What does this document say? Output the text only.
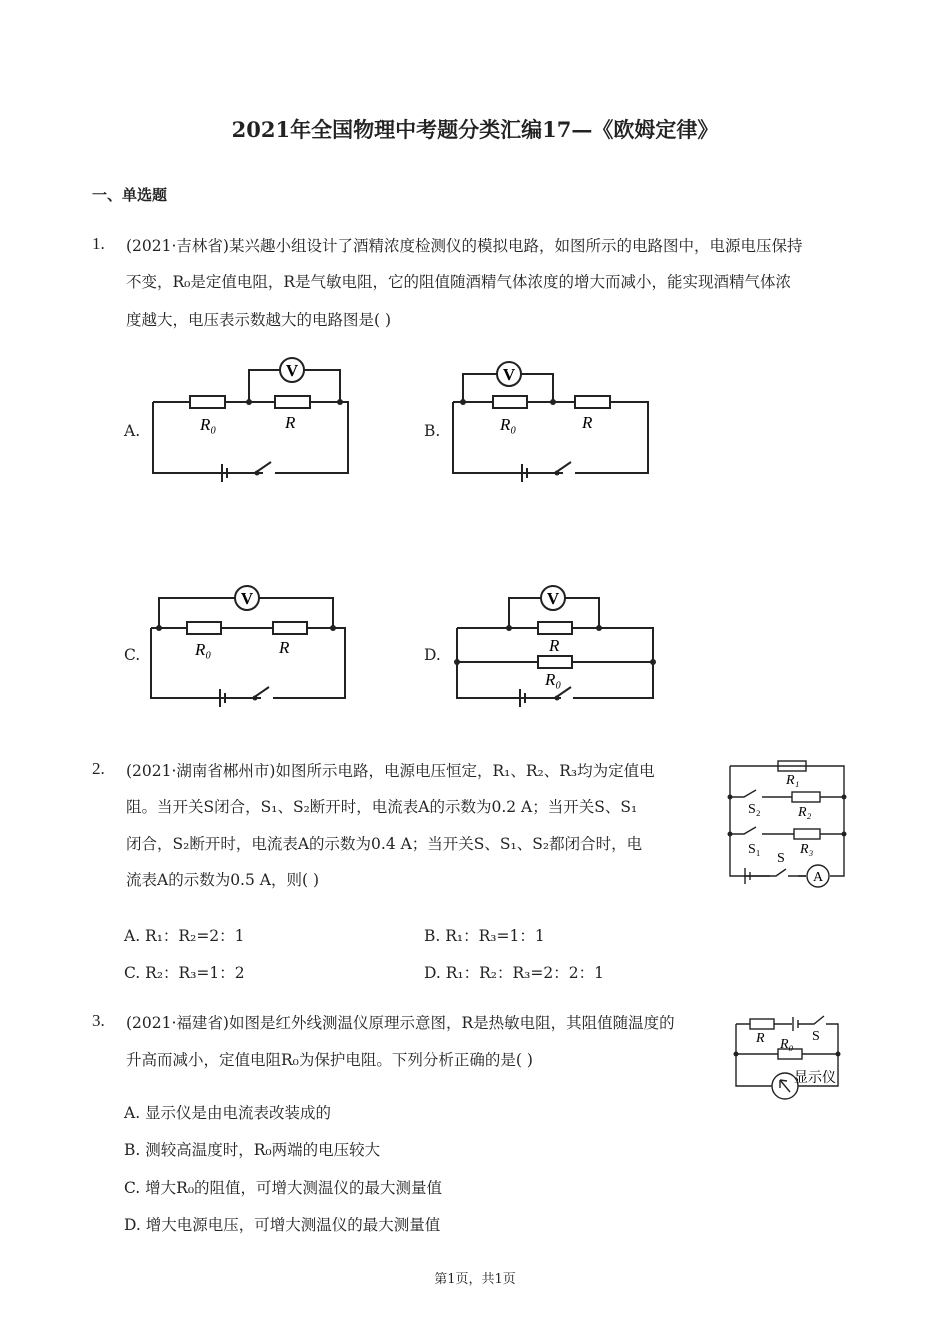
2021年全国物理中考题分类汇编17—《欧姆定律》
一、单选题
1. (2021·吉林省)某兴趣小组设计了酒精浓度检测仪的模拟电路，如图所示的电路图中，电源电压保持
不变，R₀是定值电阻，R是气敏电阻，它的阻值随酒精气体浓度的增大而减小，能实现酒精气体浓
度越大，电压表示数越大的电路图是( )
A.	B.
C.	D.
V
R₀	R
V
R₀	R
V
R₀	R
V
R
R₀
2. (2021·湖南省郴州市)如图所示电路，电源电压恒定，R₁、R₂、R₃均为定值电
阻。当开关S闭合，S₁、S₂断开时，电流表A的示数为0.2 A；当开关S、S₁
闭合，S₂断开时，电流表A的示数为0.4 A；当开关S、S₁、S₂都闭合时，电
流表A的示数为0.5 A，则( )	A
R₁
S₂	R₂
S₁	R₃
S
A. R₁：R₂=2：1	B. R₁：R₃=1：1
C. R₂：R₃=1：2	D. R₁：R₂：R₃=2：2：1
3. (2021·福建省)如图是红外线测温仪原理示意图，R是热敏电阻，其阻值随温度的
升高而减小，定值电阻R₀为保护电阻。下列分析正确的是( )
R R₀
S
显示仪
A. 显示仪是由电流表改装成的
B. 测较高温度时，R₀两端的电压较大
C. 增大R₀的阻值，可增大测温仪的最大测量值
D. 增大电源电压，可增大测温仪的最大测量值
第1页，共1页
